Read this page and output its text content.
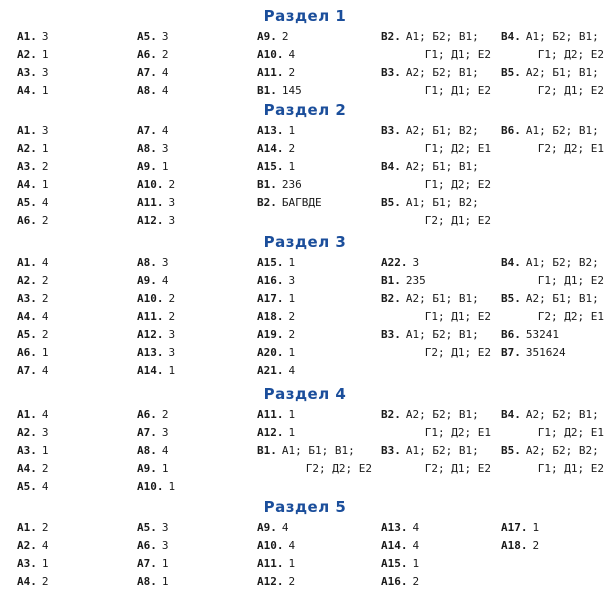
Раздел 1
A1. 3
A2. 1
A3. 3
A4. 1
A5. 3
A6. 2
A7. 4
A8. 4
A9. 2
A10. 4
A11. 2
B1. 145
B2. А1; Б2; В1;
Г1; Д1; Е2
B3. А2; Б2; В1;
Г1; Д1; Е2
B4. А1; Б2; В1;
Г1; Д2; Е2
B5. А2; Б1; В1;
Г2; Д1; Е2
Раздел 2
A1. 3
A2. 1
A3. 2
A4. 1
A5. 4
A6. 2
A7. 4
A8. 3
A9. 1
A10. 2
A11. 3
A12. 3
A13. 1
A14. 2
A15. 1
B1. 236
B2. БАГВДЕ
B3. А2; Б1; В2;
Г1; Д2; Е1
B4. А2; Б1; В1;
Г1; Д2; Е2
B5. А1; Б1; В2;
Г2; Д1; Е2
B6. А1; Б2; В1;
Г2; Д2; Е1
Раздел 3
A1. 4
A2. 2
A3. 2
A4. 4
A5. 2
A6. 1
A7. 4
A8. 3
A9. 4
A10. 2
A11. 2
A12. 3
A13. 3
A14. 1
A15. 1
A16. 3
A17. 1
A18. 2
A19. 2
A20. 1
A21. 4
A22. 3
B1. 235
B2. А2; Б1; В1;
Г1; Д1; Е2
B3. А1; Б2; В1;
Г2; Д1; Е2
B4. А1; Б2; В2;
Г1; Д1; Е2
B5. А2; Б1; В1;
Г2; Д2; Е1
B6. 53241
B7. 351624
Раздел 4
A1. 4
A2. 3
A3. 1
A4. 2
A5. 4
A6. 2
A7. 3
A8. 4
A9. 1
A10. 1
A11. 1
A12. 1
B1. А1; Б1; В1;
Г2; Д2; Е2
B2. А2; Б2; В1;
Г1; Д2; Е1
B3. А1; Б2; В1;
Г2; Д1; Е2
B4. А2; Б2; В1;
Г1; Д2; Е1
B5. А2; Б2; В2;
Г1; Д1; Е2
Раздел 5
A1. 2
A2. 4
A3. 1
A4. 2
A5. 3
A6. 3
A7. 1
A8. 1
A9. 4
A10. 4
A11. 1
A12. 2
A13. 4
A14. 4
A15. 1
A16. 2
A17. 1
A18. 2
